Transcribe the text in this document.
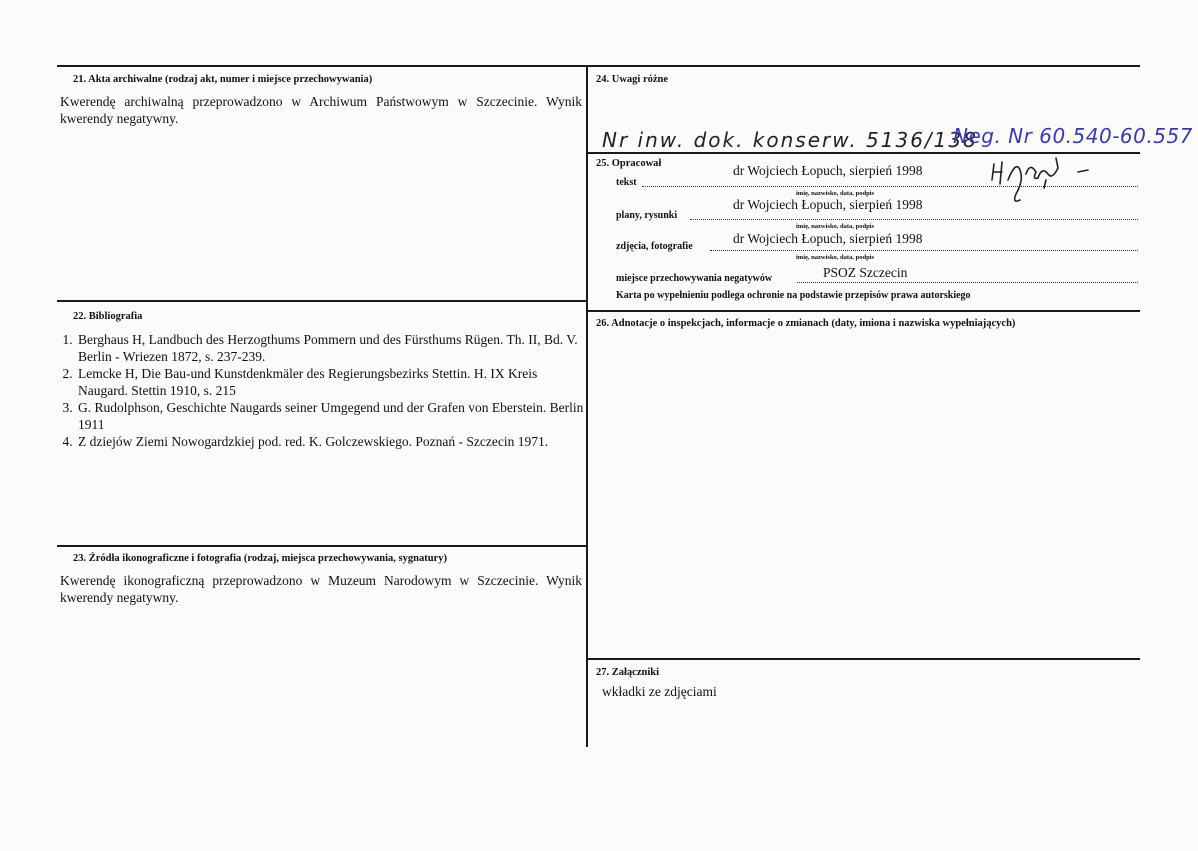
21. Akta archiwalne (rodzaj akt, numer i miejsce przechowywania)
Kwerendę archiwalną przeprowadzono w Archiwum Państwowym w Szczecinie. Wynik kwerendy negatywny.
22. Bibliografia
1. Berghaus H, Landbuch des Herzogthums Pommern und des Fürsthums Rügen. Th. II, Bd. V. Berlin - Wriezen 1872, s. 237-239.
2. Lemcke H, Die Bau-und Kunstdenkmäler des Regierungsbezirks Stettin. H. IX Kreis Naugard. Stettin 1910, s. 215
3. G. Rudolphson, Geschichte Naugards seiner Umgegend und der Grafen von Eberstein. Berlin 1911
4. Z dziejów Ziemi Nowogardzkiej pod. red. K. Golczewskiego. Poznań - Szczecin 1971.
23. Źródła ikonograficzne i fotografia (rodzaj, miejsca przechowywania, sygnatury)
Kwerendę ikonograficzną przeprowadzono w Muzeum Narodowym w Szczecinie. Wynik kwerendy negatywny.
24. Uwagi różne
Nr inw. dok. konserw. 5136/138
Neg. Nr 60.540-60.557
25. Opracował
tekst
dr Wojciech Łopuch, sierpień 1998
imię, nazwisko, data, podpis
plany, rysunki
dr Wojciech Łopuch, sierpień 1998
imię, nazwisko, data, podpis
zdjęcia, fotografie
dr Wojciech Łopuch, sierpień 1998
imię, nazwisko, data, podpis
miejsce przechowywania negatywów	PSOZ Szczecin
Karta po wypełnieniu podlega ochronie na podstawie przepisów prawa autorskiego
26. Adnotacje o inspekcjach, informacje o zmianach (daty, imiona i nazwiska wypełniających)
27. Załączniki
wkładki ze zdjęciami
